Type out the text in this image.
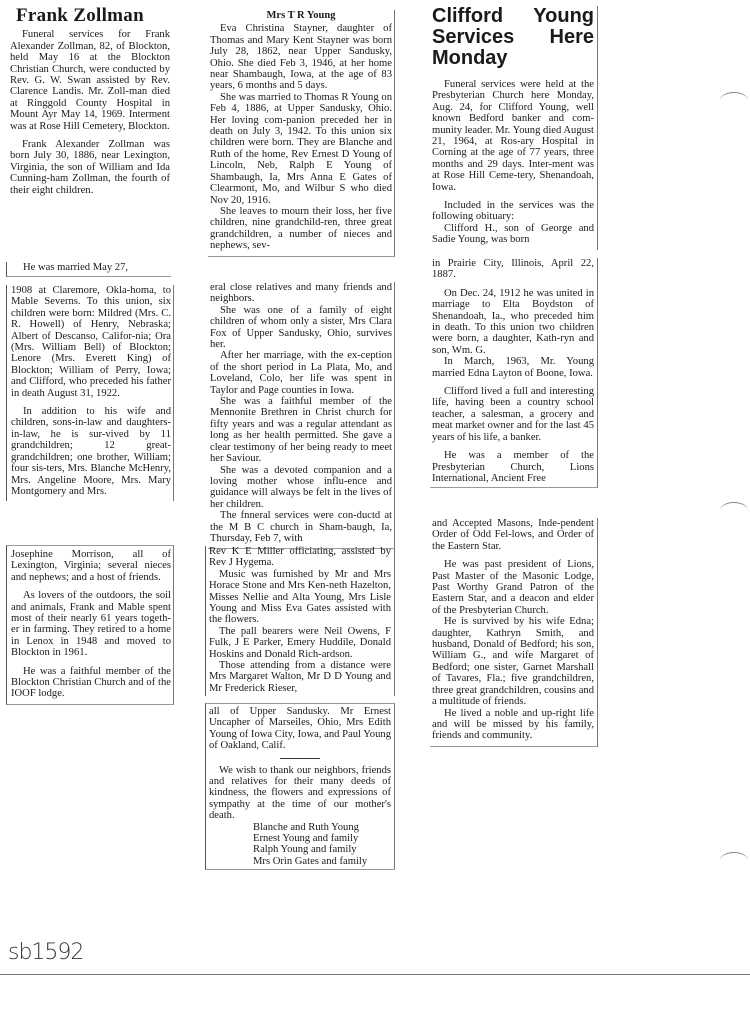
Frank Zollman

Funeral services for Frank Alexander Zollman, 82, of Blockton, held May 16 at the Blockton Christian Church, were conducted by Rev. G. W. Swan assisted by Rev. Clarence Landis. Mr. Zoll-man died at Ringgold County Hospital in Mount Ayr May 14, 1969. Interment was at Rose Hill Cemetery, Blockton.

Frank Alexander Zollman was born July 30, 1886, near Lexington, Virginia, the son of William and Ida Cunning-ham Zollman, the fourth of their eight children.

He was married May 27,

1908 at Claremore, Okla-homa, to Mable Severns. To this union, six children were born: Mildred (Mrs. C. R. Howell) of Henry, Nebraska; Albert of Descanso, Califor-nia; Ora (Mrs. William Bell) of Blockton; Lenore (Mrs. Everett King) of Blockton; William of Perry, Iowa; and Clifford, who preceded his father in death August 31, 1922.

In addition to his wife and children, sons-in-law and daughters-in-law, he is sur-vived by 11 grandchildren; 12 great-grandchildren; one brother, William; four sis-ters, Mrs. Blanche McHenry, Mrs. Angeline Moore, Mrs. Mary Montgomery and Mrs.

Josephine Morrison, all of Lexington, Virginia; several nieces and nephews; and a host of friends.

As lovers of the outdoors, the soil and animals, Frank and Mable spent most of their nearly 61 years togeth-er in farming. They retired to a home in Lenox in 1948 and moved to Blockton in 1961.

He was a faithful member of the Blockton Christian Church and of the IOOF lodge.

Mrs T R Young

Eva Christina Stayner, daughter of Thomas and Mary Kent Stayner was born July 28, 1862, near Upper Sandusky, Ohio. She died Feb 3, 1946, at her home near Shambaugh, Iowa, at the age of 83 years, 6 months and 5 days.

She was married to Thomas R Young on Feb 4, 1886, at Upper Sandusky, Ohio. Her loving com-panion preceded her in death on July 3, 1942. To this union six children were born. They are Blanche and Ruth of the home, Rev Ernest D Young of Lincoln, Neb, Ralph E Young of Shambaugh, Ia, Mrs Anna E Gates of Clearmont, Mo, and Wilbur S who died Nov 20, 1916.

She leaves to mourn their loss, her five children, nine grandchild-ren, three great grandchildren, a number of nieces and nephews, sev-

eral close relatives and many friends and neighbors.

She was one of a family of eight children of whom only a sister, Mrs Clara Fox of Upper Sandusky, Ohio, survives her.

After her marriage, with the ex-ception of the short period in La Plata, Mo, and Loveland, Colo, her life was spent in Taylor and Page counties in Iowa.

She was a faithful member of the Mennonite Brethren in Christ church for fifty years and was a regular attendant as long as her health permitted. She gave a clear testimony of her being ready to meet her Saviour.

She was a devoted companion and a loving mother whose influ-ence and guidance will always be felt in the lives of her children.

The fnneral services were con-ductd at the M B C church in Sham-baugh, Ia, Thursday, Feb 7, with

Rev K E Miller officiating, assisted by Rev J Hygema.

Music was furnished by Mr and Mrs Horace Stone and Mrs Ken-neth Hazelton, Misses Nellie and Alta Young, Mrs Lisle Young and Miss Eva Gates assisted with the flowers.

The pall bearers were Neil Owens, F Fulk, J E Parker, Emery Huddile, Donald Hoskins and Donald Rich-ardson.

Those attending from a distance were Mrs Margaret Walton, Mr D D Young and Mr Frederick Rieser,

all of Upper Sandusky. Mr Ernest Uncapher of Marseiles, Ohio, Mrs Edith Young of Iowa City, Iowa, and Paul Young of Oakland, Calif.

We wish to thank our neighbors, friends and relatives for their many deeds of kindness, the flowers and expressions of sympathy at the time of our mother's death.

Blanche and Ruth Young
Ernest Young and family
Ralph Young and family
Mrs Orin Gates and family
Clifford Young Services Here Monday

Funeral services were held at the Presbyterian Church here Monday, Aug. 24, for Clifford Young, well known Bedford banker and com-munity leader. Mr. Young died August 21, 1964, at Ros-ary Hospital in Corning at the age of 77 years, three months and 29 days. Inter-ment was at Rose Hill Ceme-tery, Shenandoah, Iowa.

Included in the services was the following obituary:

Clifford H., son of George and Sadie Young, was born

in Prairie City, Illinois, April 22, 1887.

On Dec. 24, 1912 he was united in marriage to Elta Boydston of Shenandoah, Ia., who preceded him in death. To this union two children were born, a daughter, Kath-ryn and son, Wm. G.

In March, 1963, Mr. Young married Edna Layton of Boone, Iowa.

Clifford lived a full and interesting life, having been a country school teacher, a salesman, a grocery and meat market owner and for the last 45 years of his life, a banker.

He was a member of the Presbyterian Church, Lions International, Ancient Free

and Accepted Masons, Inde-pendent Order of Odd Fel-lows, and Order of the Eastern Star.

He was past president of Lions, Past Master of the Masonic Lodge, Past Worthy Grand Patron of the Eastern Star, and a deacon and elder of the Presbyterian Church.

He is survived by his wife Edna; daughter, Kathryn Smith, and husband, Donald of Bedford; his son, William G., and wife Margaret of Bedford; one sister, Garnet Marshall of Tavares, Fla.; five grandchildren, three great grandchildren, cousins and a multitude of friends.

He lived a noble and up-right life and will be missed by his family, friends and community.

sb1592
